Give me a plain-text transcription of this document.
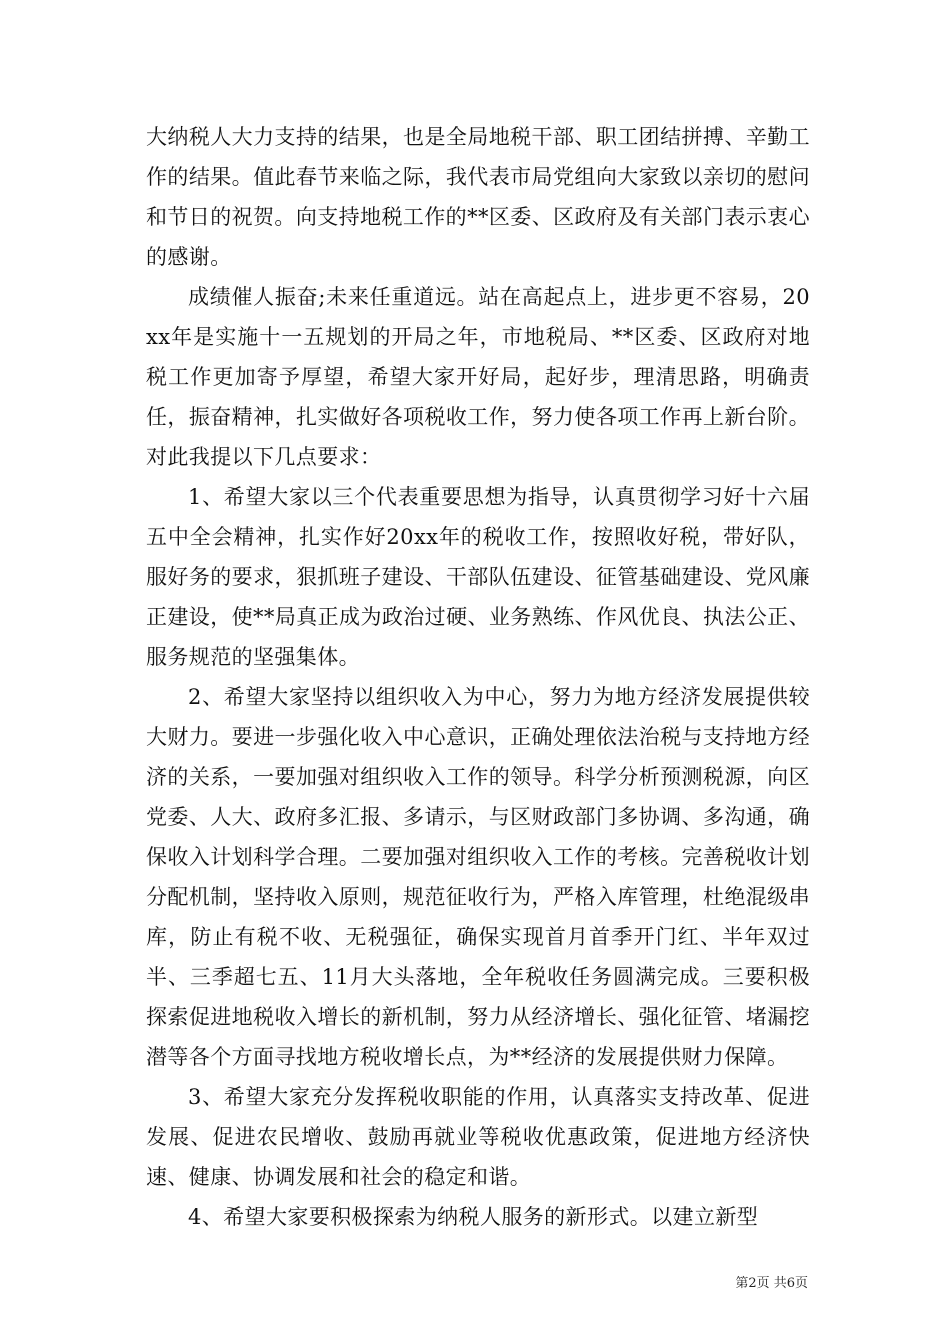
大纳税人大力支持的结果，也是全局地税干部、职工团结拼搏、辛勤工作的结果。值此春节来临之际，我代表市局党组向大家致以亲切的慰问和节日的祝贺。向支持地税工作的**区委、区政府及有关部门表示衷心的感谢。

成绩催人振奋;未来任重道远。站在高起点上，进步更不容易，20xx年是实施十一五规划的开局之年，市地税局、**区委、区政府对地税工作更加寄予厚望，希望大家开好局，起好步，理清思路，明确责任，振奋精神，扎实做好各项税收工作，努力使各项工作再上新台阶。对此我提以下几点要求：

1、希望大家以三个代表重要思想为指导，认真贯彻学习好十六届五中全会精神，扎实作好20xx年的税收工作，按照收好税，带好队，服好务的要求，狠抓班子建设、干部队伍建设、征管基础建设、党风廉正建设，使**局真正成为政治过硬、业务熟练、作风优良、执法公正、服务规范的坚强集体。

2、希望大家坚持以组织收入为中心，努力为地方经济发展提供较大财力。要进一步强化收入中心意识，正确处理依法治税与支持地方经济的关系，一要加强对组织收入工作的领导。科学分析预测税源，向区党委、人大、政府多汇报、多请示，与区财政部门多协调、多沟通，确保收入计划科学合理。二要加强对组织收入工作的考核。完善税收计划分配机制，坚持收入原则，规范征收行为，严格入库管理，杜绝混级串库，防止有税不收、无税强征，确保实现首月首季开门红、半年双过半、三季超七五、11月大头落地，全年税收任务圆满完成。三要积极探索促进地税收入增长的新机制，努力从经济增长、强化征管、堵漏挖潜等各个方面寻找地方税收增长点，为**经济的发展提供财力保障。

3、希望大家充分发挥税收职能的作用，认真落实支持改革、促进发展、促进农民增收、鼓励再就业等税收优惠政策，促进地方经济快速、健康、协调发展和社会的稳定和谐。

4、希望大家要积极探索为纳税人服务的新形式。以建立新型

第2页 共6页
